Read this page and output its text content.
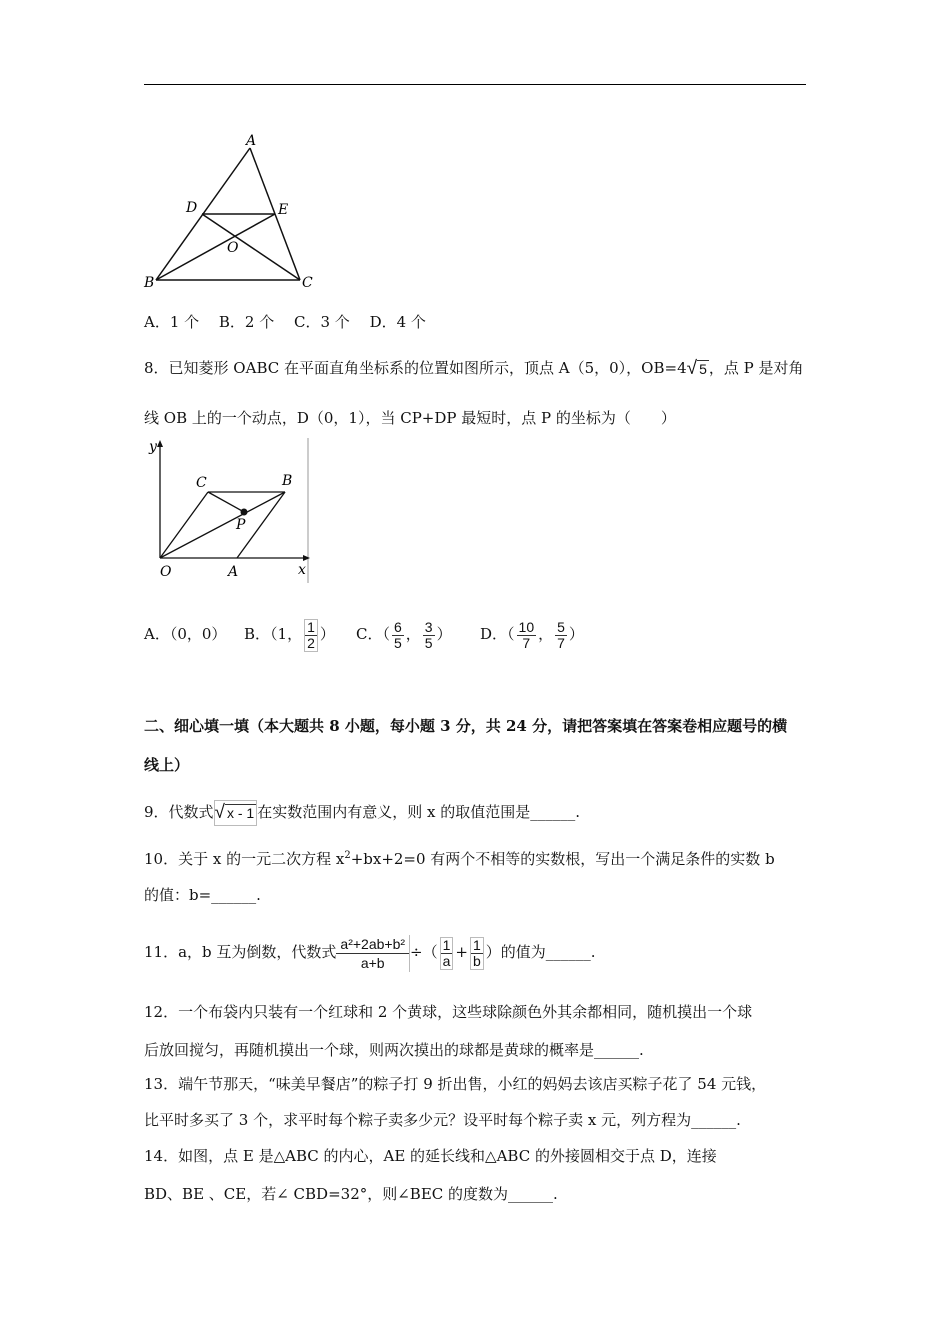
A
D	E
O
B	C
A．1 个　 B．2 个　 C．3 个　 D．4 个
8．已知菱形 OABC 在平面直角坐标系的位置如图所示，顶点 A（5，0），OB=4√ 5 ，点 P 是对角
线 OB 上的一个动点，D（0，1），当 CP+DP 最短时，点 P 的坐标为（　　）
y
x
O	A
C	B
P
A．（0，0） B．（1， $\frac{1}{2}$ ） C．（ $\frac{6}{5}$ ， $\frac{3}{5}$ ） D．（ $\frac{10}{7}$ ， $\frac{5}{7}$ ）
二、细心填一填（本大题共 8 小题，每小题 3 分，共 24 分，请把答案填在答案卷相应题号的横
线上）
9．代数式√ x - 1 在实数范围内有意义，则 x 的取值范围是______.
10．关于 x 的一元二次方程 $x^2+bx+2=0$ 有两个不相等的实数根，写出一个满足条件的实数 b
的值：b=______.
11．a，b 互为倒数，代数式 $\frac{\text{a²+2ab+b²}}{a+b}$ ÷（ $\frac{1}{a} + \frac{1}{b}$ ）的值为______.
12．一个布袋内只装有一个红球和 2 个黄球，这些球除颜色外其余都相同，随机摸出一个球
后放回搅匀，再随机摸出一个球，则两次摸出的球都是黄球的概率是______.
13．端午节那天，“味美早餐店”的粽子打 9 折出售，小红的妈妈去该店买粽子花了 54 元钱，
比平时多买了 3 个，求平时每个粽子卖多少元？设平时每个粽子卖 x 元，列方程为______.
14．如图，点 E 是△ABC 的内心，AE 的延长线和△ABC 的外接圆相交于点 D，连接
BD、BE 、CE，若∠ CBD=32°，则∠BEC 的度数为______.
